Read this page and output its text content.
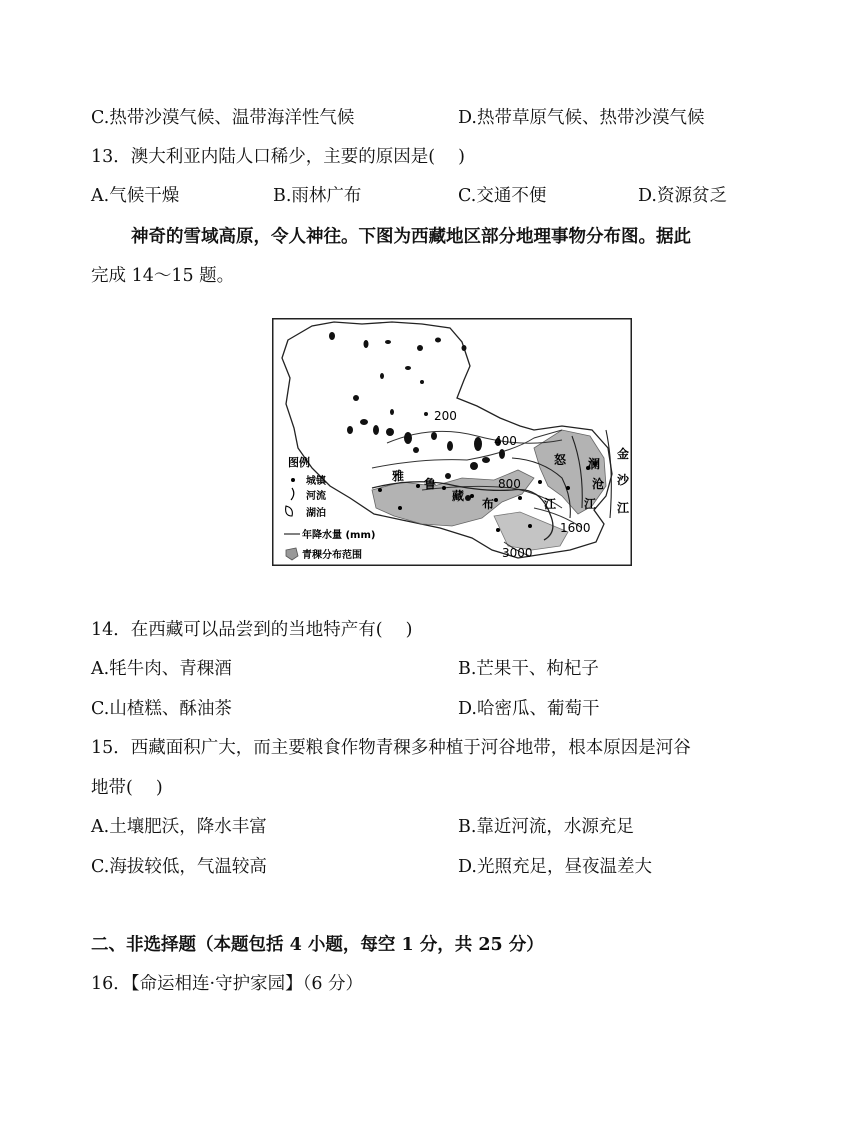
C.热带沙漠气候、温带海洋性气候	D.热带草原气候、热带沙漠气候
13．澳大利亚内陆人口稀少，主要的原因是(　 )
A.气候干燥	B.雨林广布	C.交通不便	D.资源贫乏
神奇的雪域高原，令人神往。下图为西藏地区部分地理事物分布图。据此
完成 14～15 题。
200
400
800
1600
3000
雅
鲁
藏
布	江
怒 澜
沧
江
金
沙
江
图例
城镇
河流
湖泊
年降水量 (mm)
青稞分布范围
14．在西藏可以品尝到的当地特产有(　 )
A.牦牛肉、青稞酒	B.芒果干、枸杞子
C.山楂糕、酥油茶	D.哈密瓜、葡萄干
15．西藏面积广大，而主要粮食作物青稞多种植于河谷地带，根本原因是河谷
地带(　 )
A.土壤肥沃，降水丰富	B.靠近河流，水源充足
C.海拔较低，气温较高	D.光照充足，昼夜温差大
二、非选择题（本题包括 4 小题，每空 1 分，共 25 分）
16．【命运相连·守护家园】（6 分）
